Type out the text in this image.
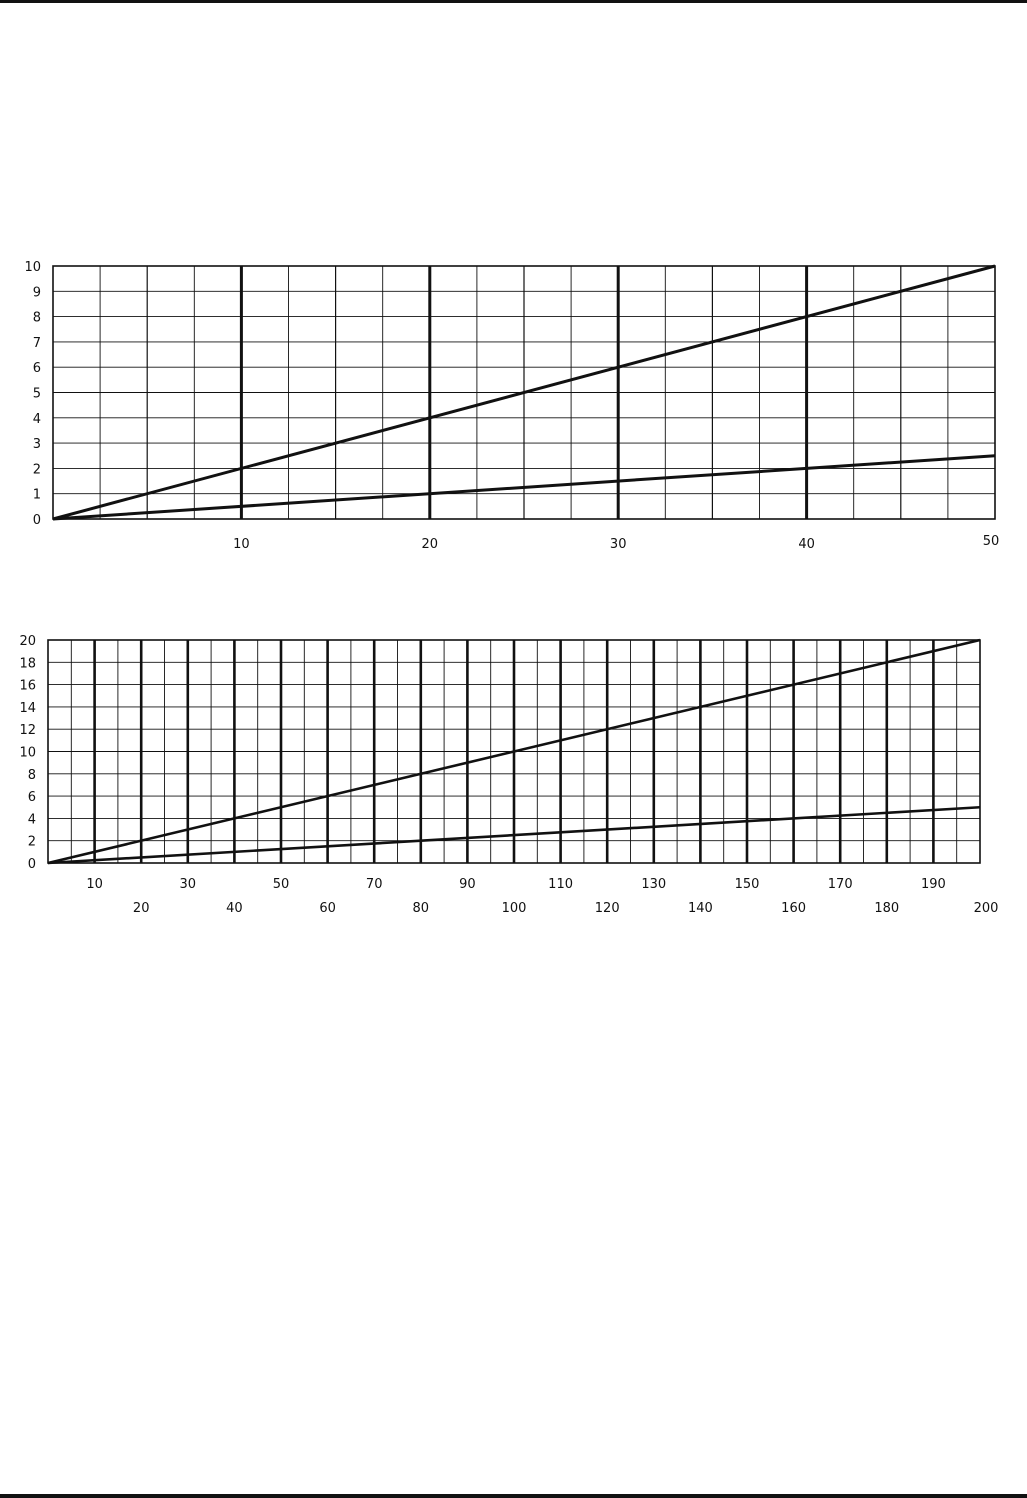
0
1
2
3
4
5
6
7
8
9
10
10	20	30	40	50
0
2
4
6
8
10
12
14
16
18
20
10	30	50	70	90	110	130	150	170	190
20	40	60	80	100	120	140	160	180	200
